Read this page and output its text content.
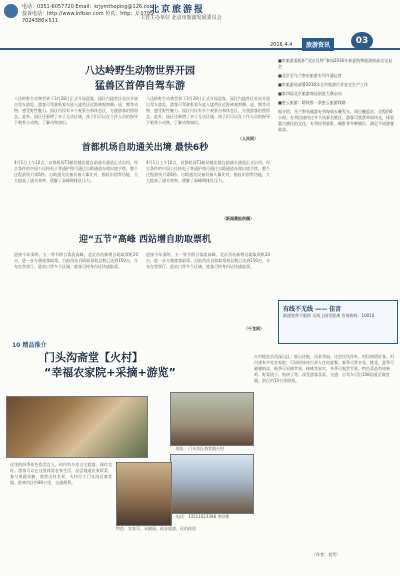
电话：0351-6057720 Email：krjymtheping@126.com
投诉电话：http://www.lnfbxn.com 传真：http：// 0795-7024386×511
北京旅游报
主管主办单位 北京市旅游发展委员会
2016.4.4	旅游资讯	03
八达岭野生动物世界开园
猛兽区首停自驾车游
八达岭野生动物世界于3月28日正式开园迎客，园区内猛兽区首次开放自驾车游览，游客可驾驶私家车进入猛兽区近距离观察狮、虎、熊等动物，感受野性魅力。园区内设有多个观景台和休息区，方便游客拍照留念。此外，园区还新增了亲子互动区域，孩子们可以在工作人员的指导下喂养小动物，了解动物知识。
八达岭野生动物世界于3月28日正式开园迎客，园区内猛兽区首次开放自驾车游览，游客可驾驶私家车进入猛兽区近距离观察狮、虎、熊等动物，感受野性魅力。园区内设有多个观景台和休息区，方便游客拍照留念。此外，园区还新增了亲子互动区域，孩子们可以在工作人员的指导下喂养小动物，了解动物知识。
（人民网）
首都机场自助通关出境 最快6秒
4月1日上午10点，首都机场T3航站楼出境自助通关通道正式启用。符合条件的中国公民持电子普通护照可通过自助通道办理出境手续，整个过程最快只需6秒。自助通关设备具备人像比对、指纹识别等功能，大大提高了通关效率，缓解了高峰期排队压力。
4月1日上午10点，首都机场T3航站楼出境自助通关通道正式启用。符合条件的中国公民持电子普通护照可通过自助通道办理出境手续，整个过程最快只需6秒。自助通关设备具备人像比对、指纹识别等功能，大大提高了通关效率，缓解了高峰期排队压力。
（新闻晨报供稿）
迎“五节”高峰 西站增自助取票机
迎接今年清明、五一等节假日客流高峰，北京西站新增自助取票机20台，进一步方便旅客取票。目前西站自助取票机总数已达到150台，分布在售票厅、进站口等多个区域，旅客可持身份证快速取票。
迎接今年清明、五一等节假日客流高峰，北京西站新增自助取票机20台，进一步方便旅客取票。目前西站自助取票机总数已达到150台，分布在售票厅、进站口等多个区域，旅客可持身份证快速取票。
（千龙网）
■市旅游委组织“北京礼物”参加2016年春夏购物旅游展高交交易会
■北京至乌兰察布旅游专列开通运营
■市旅游局部署2016年全市旅游行业安全生产工作
■第四届北京旅游商品创意大赛启动
■密云旅游：精致推一条密云旅游线路
据介绍，乌兰察布旅游专列每周五晚发车，周日晚返京，全程约6小时。专列沿途经过多个风景名胜区，游客可欣赏草原风光，体验蒙古族民俗文化。专列设有软卧、硬卧等多种铺位，满足不同游客需求。
有线不无线 —— 佳音
联通宽带不限时 无线上网零距离 咨询热线：10010
10 精品推介
门头沟斋堂【火村】
“幸福农家院+采摘+游览”
这里的四季景色优美宜人，村内有多处古宅院落，保存完好。游客可以在这里体验农家生活，品尝地道农家饭菜，参与果蔬采摘，欣赏山村美景。火村位于门头沟区斋堂镇，距离市区约80公里，交通便利。
地址：门头沟区斋堂镇火村
电话：13511023398 李经理
特色：农家乐、采摘园、徒步旅游、民俗体验
火村地处京西深山区，群山环抱，风景秀丽。这里民风淳朴，村民热情好客。村内建有多处农家院，可同时接待百余人住宿就餐。春季可赏杏花、桃花，夏季可避暑纳凉，秋季可采摘苹果、核桃等果实，冬季可观赏雪景。特色菜品有炖柴鸡、野菜团子、贴饼子等，深受游客喜爱。交通：自驾车可沿108国道至斋堂镇，前行约10公里即到。
（作者：刘雪）
